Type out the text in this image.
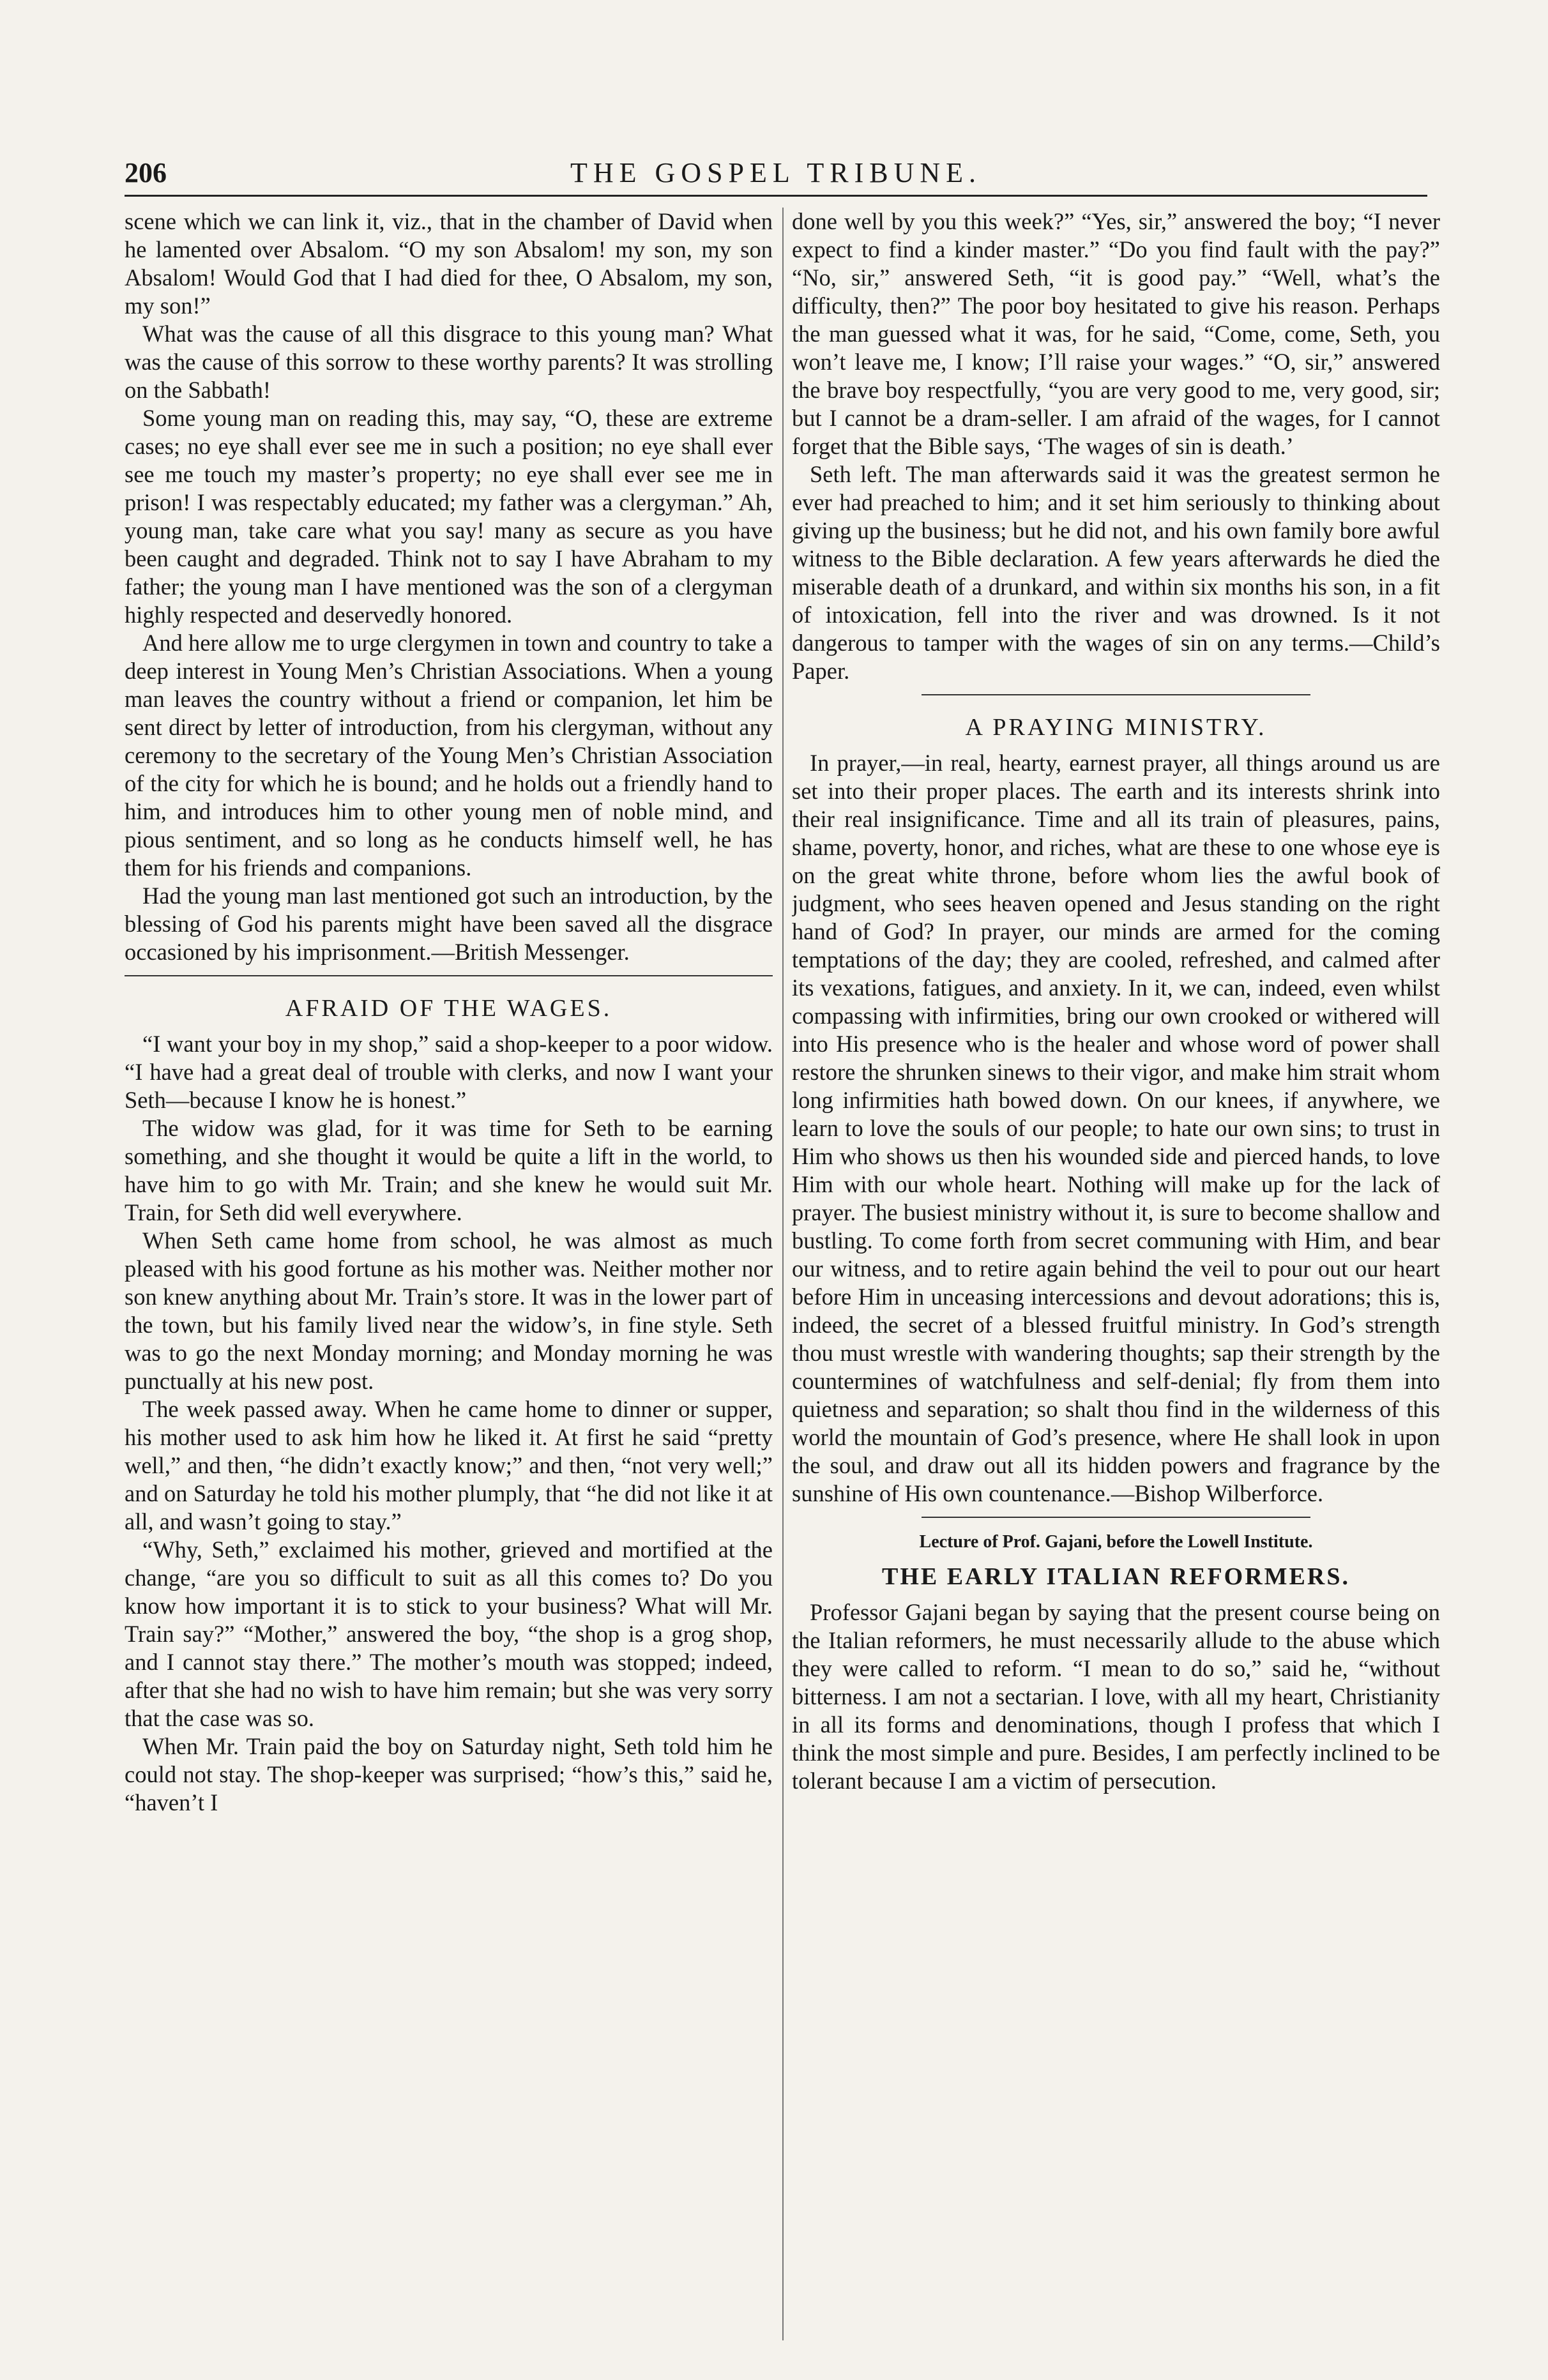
206	THE GOSPEL TRIBUNE.

scene which we can link it, viz., that in the chamber of David when he lamented over Absalom. “O my son Absalom! my son, my son Absalom! Would God that I had died for thee, O Absalom, my son, my son!”

What was the cause of all this disgrace to this young man? What was the cause of this sorrow to these worthy parents? It was strolling on the Sabbath!

Some young man on reading this, may say, “O, these are extreme cases; no eye shall ever see me in such a position; no eye shall ever see me touch my master’s property; no eye shall ever see me in prison! I was respectably educated; my father was a clergyman.” Ah, young man, take care what you say! many as secure as you have been caught and degraded. Think not to say I have Abraham to my father; the young man I have mentioned was the son of a clergyman highly respected and deservedly honored.

And here allow me to urge clergymen in town and country to take a deep interest in Young Men’s Christian Associations. When a young man leaves the country without a friend or companion, let him be sent direct by letter of introduction, from his clergyman, without any ceremony to the secretary of the Young Men’s Christian Association of the city for which he is bound; and he holds out a friendly hand to him, and introduces him to other young men of noble mind, and pious sentiment, and so long as he conducts himself well, he has them for his friends and companions.

Had the young man last mentioned got such an introduction, by the blessing of God his parents might have been saved all the disgrace occasioned by his imprisonment.—British Messenger.

AFRAID OF THE WAGES.

“I want your boy in my shop,” said a shop-keeper to a poor widow. “I have had a great deal of trouble with clerks, and now I want your Seth—because I know he is honest.”

The widow was glad, for it was time for Seth to be earning something, and she thought it would be quite a lift in the world, to have him to go with Mr. Train; and she knew he would suit Mr. Train, for Seth did well everywhere.

When Seth came home from school, he was almost as much pleased with his good fortune as his mother was. Neither mother nor son knew anything about Mr. Train’s store. It was in the lower part of the town, but his family lived near the widow’s, in fine style. Seth was to go the next Monday morning; and Monday morning he was punctually at his new post.

The week passed away. When he came home to dinner or supper, his mother used to ask him how he liked it. At first he said “pretty well,” and then, “he didn’t exactly know;” and then, “not very well;” and on Saturday he told his mother plumply, that “he did not like it at all, and wasn’t going to stay.”

“Why, Seth,” exclaimed his mother, grieved and mortified at the change, “are you so difficult to suit as all this comes to? Do you know how important it is to stick to your business? What will Mr. Train say?” “Mother,” answered the boy, “the shop is a grog shop, and I cannot stay there.” The mother’s mouth was stopped; indeed, after that she had no wish to have him remain; but she was very sorry that the case was so.

When Mr. Train paid the boy on Saturday night, Seth told him he could not stay. The shop-keeper was surprised; “how’s this,” said he, “haven’t I

done well by you this week?” “Yes, sir,” answered the boy; “I never expect to find a kinder master.” “Do you find fault with the pay?” “No, sir,” answered Seth, “it is good pay.” “Well, what’s the difficulty, then?” The poor boy hesitated to give his reason. Perhaps the man guessed what it was, for he said, “Come, come, Seth, you won’t leave me, I know; I’ll raise your wages.” “O, sir,” answered the brave boy respectfully, “you are very good to me, very good, sir; but I cannot be a dram-seller. I am afraid of the wages, for I cannot forget that the Bible says, ‘The wages of sin is death.’

Seth left. The man afterwards said it was the greatest sermon he ever had preached to him; and it set him seriously to thinking about giving up the business; but he did not, and his own family bore awful witness to the Bible declaration. A few years afterwards he died the miserable death of a drunkard, and within six months his son, in a fit of intoxication, fell into the river and was drowned. Is it not dangerous to tamper with the wages of sin on any terms.—Child’s Paper.

A PRAYING MINISTRY.

In prayer,—in real, hearty, earnest prayer, all things around us are set into their proper places. The earth and its interests shrink into their real insignificance. Time and all its train of pleasures, pains, shame, poverty, honor, and riches, what are these to one whose eye is on the great white throne, before whom lies the awful book of judgment, who sees heaven opened and Jesus standing on the right hand of God? In prayer, our minds are armed for the coming temptations of the day; they are cooled, refreshed, and calmed after its vexations, fatigues, and anxiety. In it, we can, indeed, even whilst compassing with infirmities, bring our own crooked or withered will into His presence who is the healer and whose word of power shall restore the shrunken sinews to their vigor, and make him strait whom long infirmities hath bowed down. On our knees, if anywhere, we learn to love the souls of our people; to hate our own sins; to trust in Him who shows us then his wounded side and pierced hands, to love Him with our whole heart. Nothing will make up for the lack of prayer. The busiest ministry without it, is sure to become shallow and bustling. To come forth from secret communing with Him, and bear our witness, and to retire again behind the veil to pour out our heart before Him in unceasing intercessions and devout adorations; this is, indeed, the secret of a blessed fruitful ministry. In God’s strength thou must wrestle with wandering thoughts; sap their strength by the countermines of watchfulness and self-denial; fly from them into quietness and separation; so shalt thou find in the wilderness of this world the mountain of God’s presence, where He shall look in upon the soul, and draw out all its hidden powers and fragrance by the sunshine of His own countenance.—Bishop Wilberforce.

Lecture of Prof. Gajani, before the Lowell Institute.
THE EARLY ITALIAN REFORMERS.

Professor Gajani began by saying that the present course being on the Italian reformers, he must necessarily allude to the abuse which they were called to reform. “I mean to do so,” said he, “without bitterness. I am not a sectarian. I love, with all my heart, Christianity in all its forms and denominations, though I profess that which I think the most simple and pure. Besides, I am perfectly inclined to be tolerant because I am a victim of persecution.
